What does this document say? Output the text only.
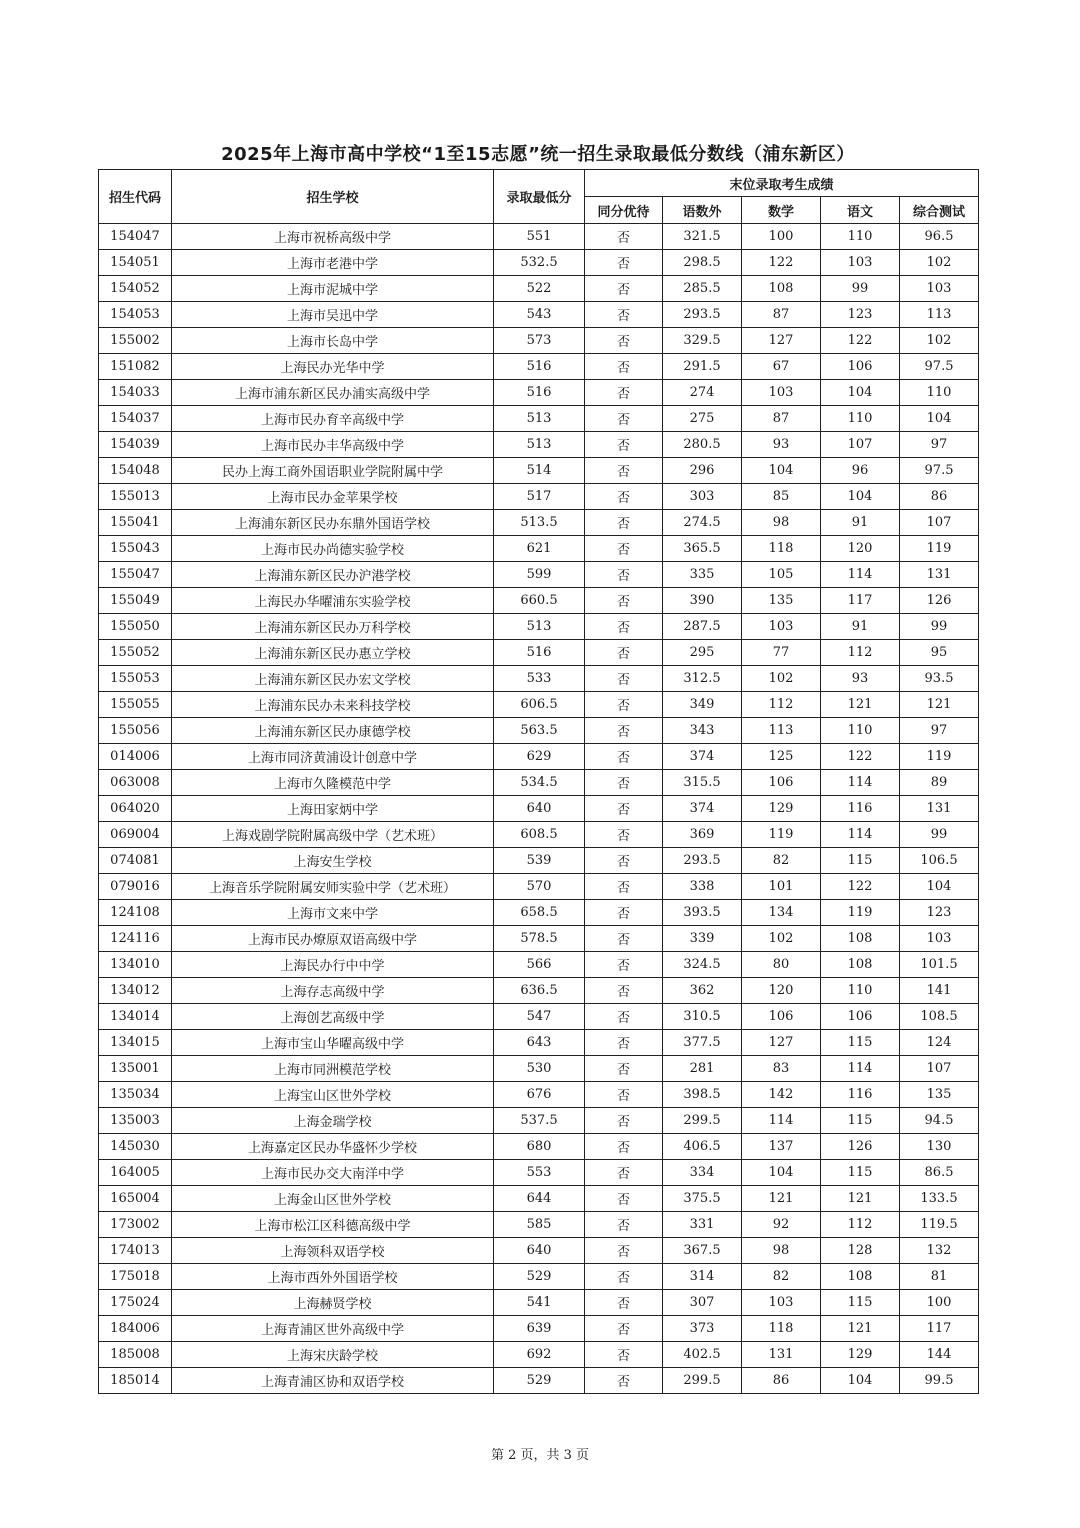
2025年上海市高中学校“1至15志愿”统一招生录取最低分数线（浦东新区）
招生代码	招生学校	录取最低分	末位录取考生成绩				
			同分优待	语数外	数学	语文	综合测试
154047	上海市祝桥高级中学	551	否	321.5	100	110	96.5
154051	上海市老港中学	532.5	否	298.5	122	103	102
154052	上海市泥城中学	522	否	285.5	108	99	103
154053	上海市吴迅中学	543	否	293.5	87	123	113
155002	上海市长岛中学	573	否	329.5	127	122	102
151082	上海民办光华中学	516	否	291.5	67	106	97.5
154033	上海市浦东新区民办浦实高级中学	516	否	274	103	104	110
154037	上海市民办育辛高级中学	513	否	275	87	110	104
154039	上海市民办丰华高级中学	513	否	280.5	93	107	97
154048	民办上海工商外国语职业学院附属中学	514	否	296	104	96	97.5
155013	上海市民办金苹果学校	517	否	303	85	104	86
155041	上海浦东新区民办东鼎外国语学校	513.5	否	274.5	98	91	107
155043	上海市民办尚德实验学校	621	否	365.5	118	120	119
155047	上海浦东新区民办沪港学校	599	否	335	105	114	131
155049	上海民办华曜浦东实验学校	660.5	否	390	135	117	126
155050	上海浦东新区民办万科学校	513	否	287.5	103	91	99
155052	上海浦东新区民办惠立学校	516	否	295	77	112	95
155053	上海浦东新区民办宏文学校	533	否	312.5	102	93	93.5
155055	上海浦东民办未来科技学校	606.5	否	349	112	121	121
155056	上海浦东新区民办康德学校	563.5	否	343	113	110	97
014006	上海市同济黄浦设计创意中学	629	否	374	125	122	119
063008	上海市久隆模范中学	534.5	否	315.5	106	114	89
064020	上海田家炳中学	640	否	374	129	116	131
069004	上海戏剧学院附属高级中学（艺术班）	608.5	否	369	119	114	99
074081	上海安生学校	539	否	293.5	82	115	106.5
079016	上海音乐学院附属安师实验中学（艺术班）	570	否	338	101	122	104
124108	上海市文来中学	658.5	否	393.5	134	119	123
124116	上海市民办燎原双语高级中学	578.5	否	339	102	108	103
134010	上海民办行中中学	566	否	324.5	80	108	101.5
134012	上海存志高级中学	636.5	否	362	120	110	141
134014	上海创艺高级中学	547	否	310.5	106	106	108.5
134015	上海市宝山华曜高级中学	643	否	377.5	127	115	124
135001	上海市同洲模范学校	530	否	281	83	114	107
135034	上海宝山区世外学校	676	否	398.5	142	116	135
135003	上海金瑞学校	537.5	否	299.5	114	115	94.5
145030	上海嘉定区民办华盛怀少学校	680	否	406.5	137	126	130
164005	上海市民办交大南洋中学	553	否	334	104	115	86.5
165004	上海金山区世外学校	644	否	375.5	121	121	133.5
173002	上海市松江区科德高级中学	585	否	331	92	112	119.5
174013	上海领科双语学校	640	否	367.5	98	128	132
175018	上海市西外外国语学校	529	否	314	82	108	81
175024	上海赫贤学校	541	否	307	103	115	100
184006	上海青浦区世外高级中学	639	否	373	118	121	117
185008	上海宋庆龄学校	692	否	402.5	131	129	144
185014	上海青浦区协和双语学校	529	否	299.5	86	104	99.5
第 2 页，共 3 页
